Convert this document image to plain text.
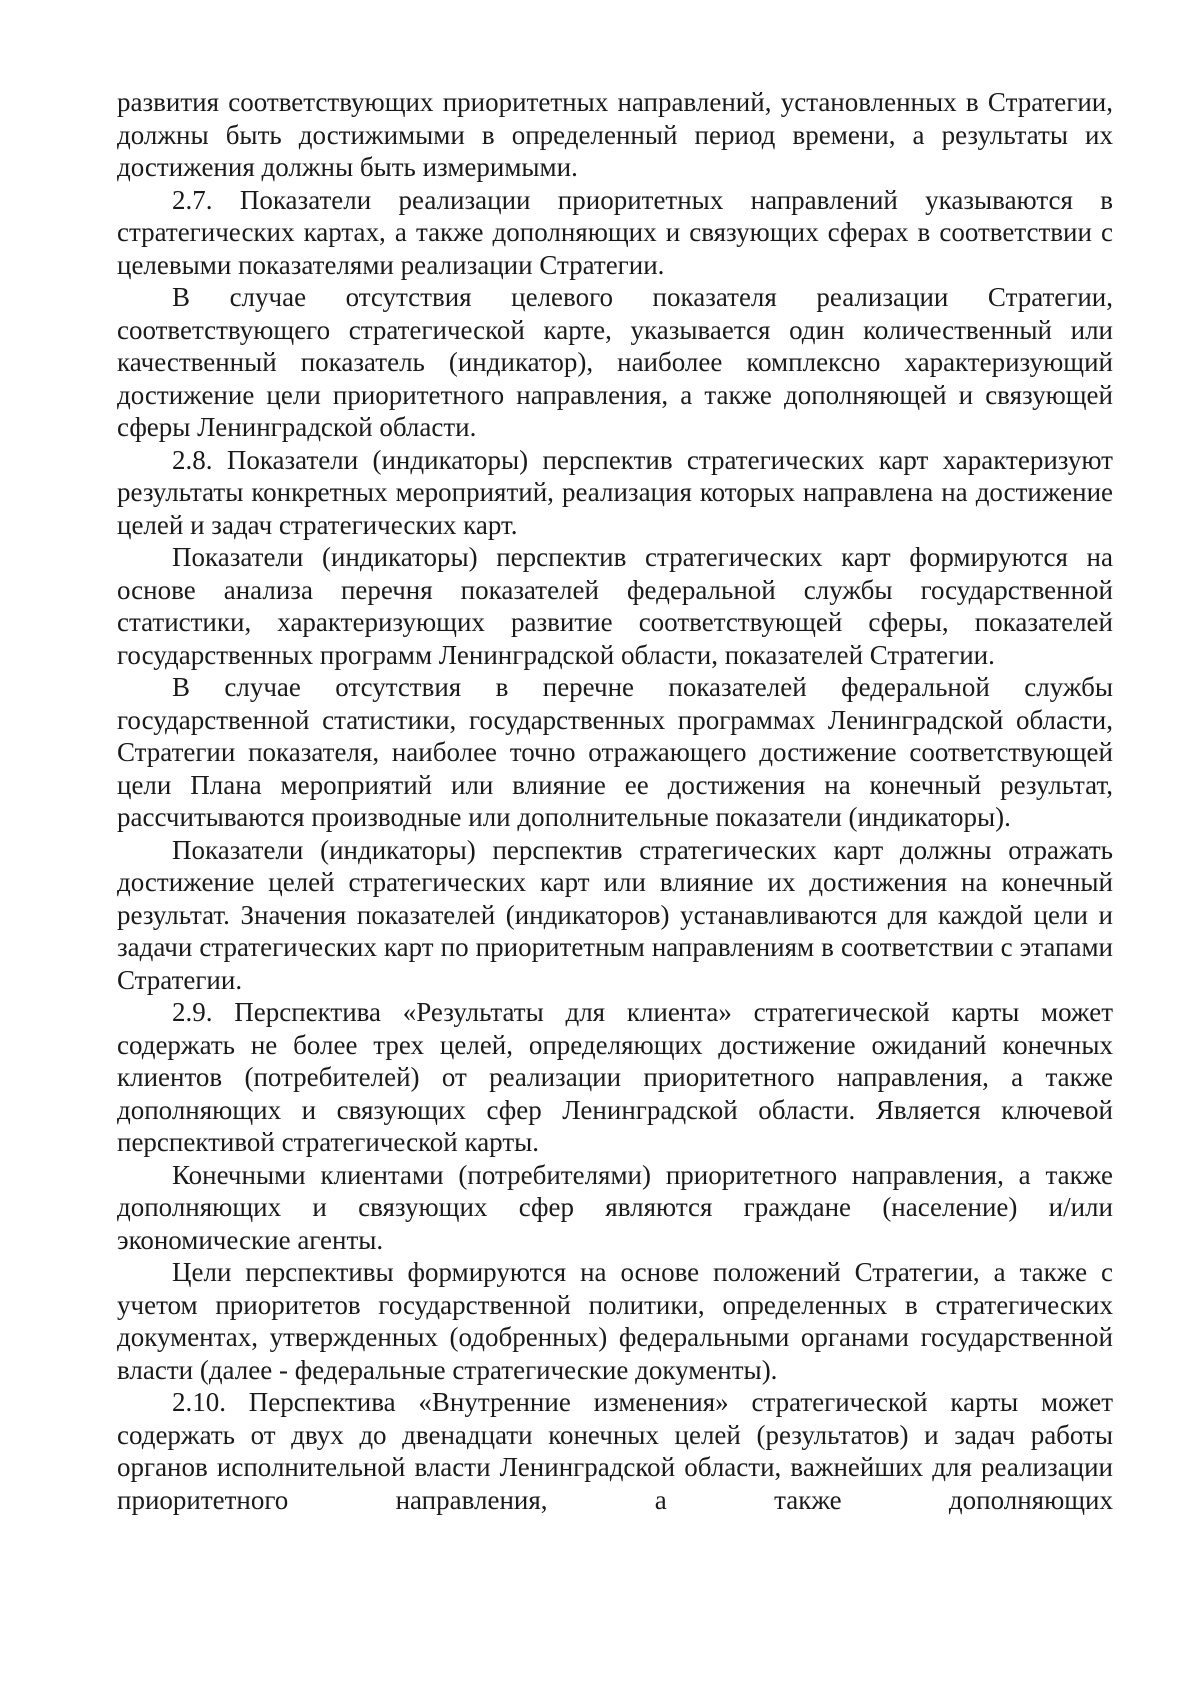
развития соответствующих приоритетных направлений, установленных в Стратегии, должны быть достижимыми в определенный период времени, а результаты их достижения должны быть измеримыми.

2.7. Показатели реализации приоритетных направлений указываются в стратегических картах, а также дополняющих и связующих сферах в соответствии с целевыми показателями реализации Стратегии.

В случае отсутствия целевого показателя реализации Стратегии, соответствующего стратегической карте, указывается один количественный или качественный показатель (индикатор), наиболее комплексно характеризующий достижение цели приоритетного направления, а также дополняющей и связующей сферы Ленинградской области.

2.8. Показатели (индикаторы) перспектив стратегических карт характеризуют результаты конкретных мероприятий, реализация которых направлена на достижение целей и задач стратегических карт.

Показатели (индикаторы) перспектив стратегических карт формируются на основе анализа перечня показателей федеральной службы государственной статистики, характеризующих развитие соответствующей сферы, показателей государственных программ Ленинградской области, показателей Стратегии.

В случае отсутствия в перечне показателей федеральной службы государственной статистики, государственных программах Ленинградской области, Стратегии показателя, наиболее точно отражающего достижение соответствующей цели Плана мероприятий или влияние ее достижения на конечный результат, рассчитываются производные или дополнительные показатели (индикаторы).

Показатели (индикаторы) перспектив стратегических карт должны отражать достижение целей стратегических карт или влияние их достижения на конечный результат. Значения показателей (индикаторов) устанавливаются для каждой цели и задачи стратегических карт по приоритетным направлениям в соответствии с этапами Стратегии.

2.9. Перспектива «Результаты для клиента» стратегической карты может содержать не более трех целей, определяющих достижение ожиданий конечных клиентов (потребителей) от реализации приоритетного направления, а также дополняющих и связующих сфер Ленинградской области. Является ключевой перспективой стратегической карты.

Конечными клиентами (потребителями) приоритетного направления, а также дополняющих и связующих сфер являются граждане (население) и/или экономические агенты.

Цели перспективы формируются на основе положений Стратегии, а также с учетом приоритетов государственной политики, определенных в стратегических документах, утвержденных (одобренных) федеральными органами государственной власти (далее - федеральные стратегические документы).

2.10. Перспектива «Внутренние изменения» стратегической карты может содержать от двух до двенадцати конечных целей (результатов) и задач работы органов исполнительной власти Ленинградской области, важнейших для реализации приоритетного направления, а также дополняющих
